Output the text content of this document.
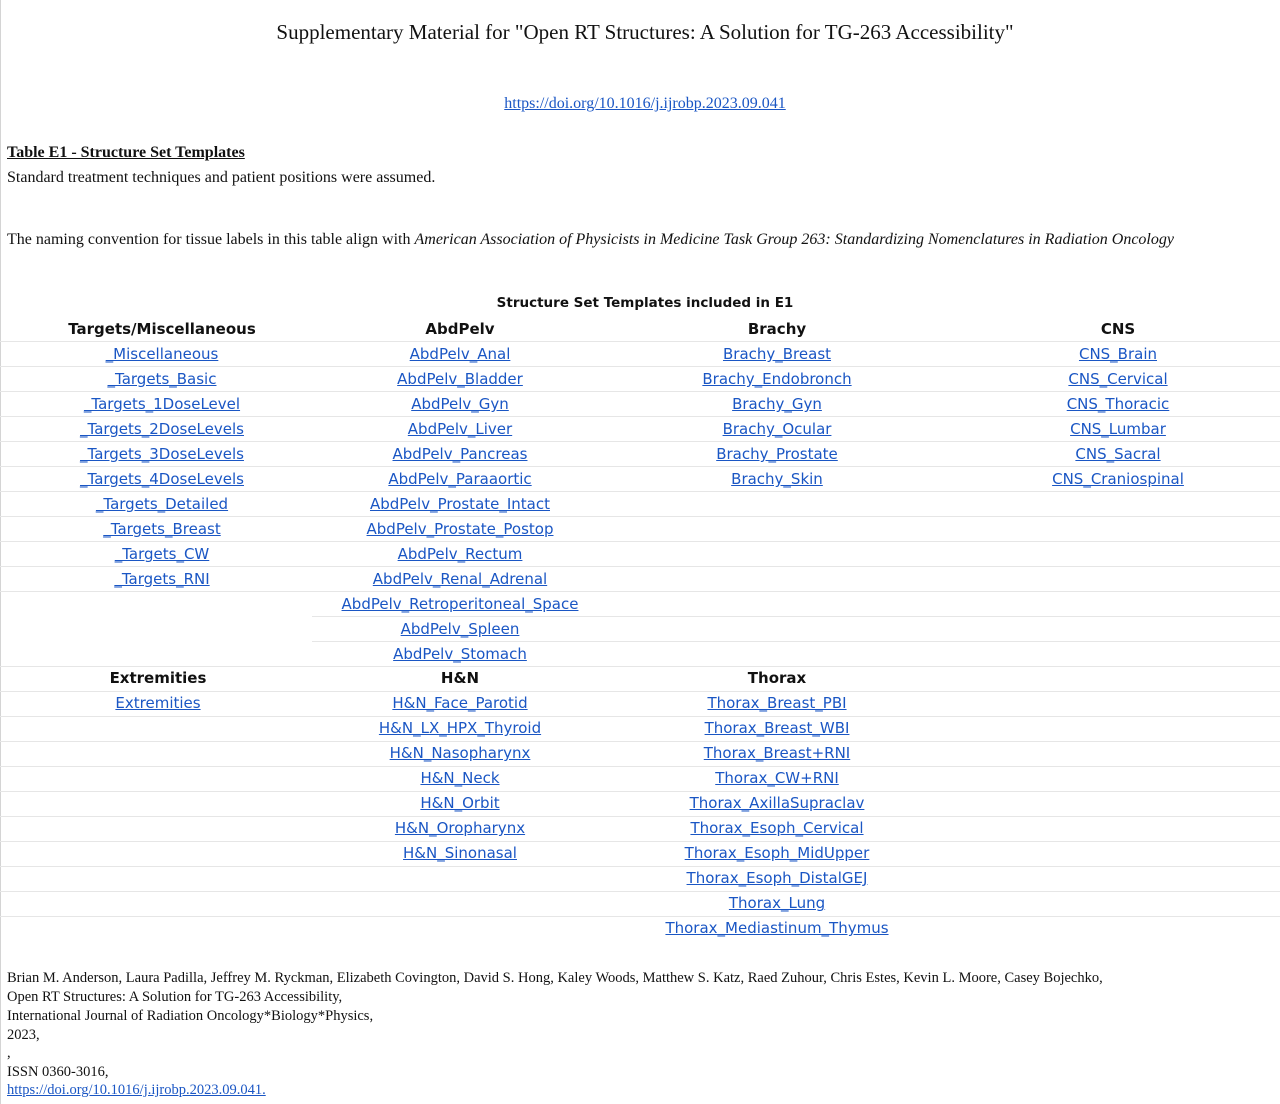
Supplementary Material for "Open RT Structures: A Solution for TG-263 Accessibility"
https://doi.org/10.1016/j.ijrobp.2023.09.041
Table E1 - Structure Set Templates
Standard treatment techniques and patient positions were assumed.
The naming convention for tissue labels in this table align with American Association of Physicists in Medicine Task Group 263: Standardizing Nomenclatures in Radiation Oncology
Structure Set Templates included in E1
Targets/Miscellaneous
_Miscellaneous
_Targets_Basic
_Targets_1DoseLevel
_Targets_2DoseLevels
_Targets_3DoseLevels
_Targets_4DoseLevels
_Targets_Detailed
_Targets_Breast
_Targets_CW
_Targets_RNI
AbdPelv
AbdPelv_Anal
AbdPelv_Bladder
AbdPelv_Gyn
AbdPelv_Liver
AbdPelv_Pancreas
AbdPelv_Paraaortic
AbdPelv_Prostate_Intact
AbdPelv_Prostate_Postop
AbdPelv_Rectum
AbdPelv_Renal_Adrenal
AbdPelv_Retroperitoneal_Space
AbdPelv_Spleen
AbdPelv_Stomach
Brachy
Brachy_Breast
Brachy_Endobronch
Brachy_Gyn
Brachy_Ocular
Brachy_Prostate
Brachy_Skin
CNS
CNS_Brain
CNS_Cervical
CNS_Thoracic
CNS_Lumbar
CNS_Sacral
CNS_Craniospinal
Extremities
Extremities
H&N
H&N_Face_Parotid
H&N_LX_HPX_Thyroid
H&N_Nasopharynx
H&N_Neck
H&N_Orbit
H&N_Oropharynx
H&N_Sinonasal
Thorax
Thorax_Breast_PBI
Thorax_Breast_WBI
Thorax_Breast+RNI
Thorax_CW+RNI
Thorax_AxillaSupraclav
Thorax_Esoph_Cervical
Thorax_Esoph_MidUpper
Thorax_Esoph_DistalGEJ
Thorax_Lung
Thorax_Mediastinum_Thymus
Brian M. Anderson, Laura Padilla, Jeffrey M. Ryckman, Elizabeth Covington, David S. Hong, Kaley Woods, Matthew S. Katz, Raed Zuhour, Chris Estes, Kevin L. Moore, Casey Bojechko,
Open RT Structures: A Solution for TG-263 Accessibility,
International Journal of Radiation Oncology*Biology*Physics,
2023,
,
ISSN 0360-3016,
https://doi.org/10.1016/j.ijrobp.2023.09.041.
